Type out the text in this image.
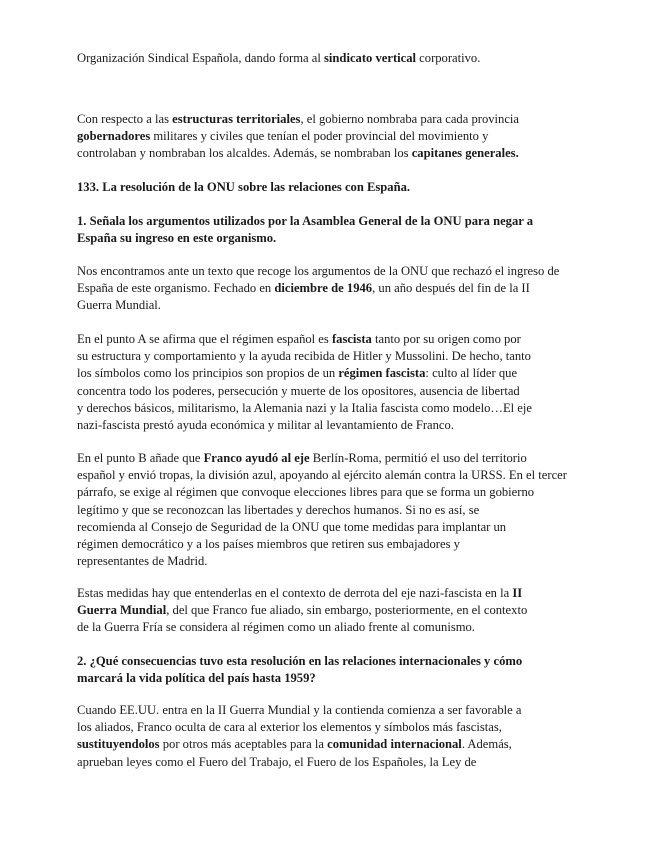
Organización Sindical Española, dando forma al sindicato vertical corporativo.
Con respecto a las estructuras territoriales, el gobierno nombraba para cada provincia
gobernadores militares y civiles que tenían el poder provincial del movimiento y
controlaban y nombraban los alcaldes. Además, se nombraban los capitanes generales.
133. La resolución de la ONU sobre las relaciones con España.
1. Señala los argumentos utilizados por la Asamblea General de la ONU para negar a
España su ingreso en este organismo.
Nos encontramos ante un texto que recoge los argumentos de la ONU que rechazó el ingreso de
España de este organismo. Fechado en diciembre de 1946, un año después del fin de la II
Guerra Mundial.
En el punto A se afirma que el régimen español es fascista tanto por su origen como por
su estructura y comportamiento y la ayuda recibida de Hitler y Mussolini. De hecho, tanto
los símbolos como los principios son propios de un régimen fascista: culto al líder que
concentra todo los poderes, persecución y muerte de los opositores, ausencia de libertad
y derechos básicos, militarismo, la Alemania nazi y la Italia fascista como modelo…El eje
nazi-fascista prestó ayuda económica y militar al levantamiento de Franco.
En el punto B añade que Franco ayudó al eje Berlín-Roma, permitió el uso del territorio
español y envió tropas, la división azul, apoyando al ejército alemán contra la URSS. En el tercer
párrafo, se exige al régimen que convoque elecciones libres para que se forma un gobierno
legítimo y que se reconozcan las libertades y derechos humanos. Si no es así, se
recomienda al Consejo de Seguridad de la ONU que tome medidas para implantar un
régimen democrático y a los países miembros que retiren sus embajadores y
representantes de Madrid.
Estas medidas hay que entenderlas en el contexto de derrota del eje nazi-fascista en la II
Guerra Mundial, del que Franco fue aliado, sin embargo, posteriormente, en el contexto
de la Guerra Fría se considera al régimen como un aliado frente al comunismo.
2. ¿Qué consecuencias tuvo esta resolución en las relaciones internacionales y cómo
marcará la vida política del país hasta 1959?
Cuando EE.UU. entra en la II Guerra Mundial y la contienda comienza a ser favorable a
los aliados, Franco oculta de cara al exterior los elementos y símbolos más fascistas,
sustituyendolos por otros más aceptables para la comunidad internacional. Además,
aprueban leyes como el Fuero del Trabajo, el Fuero de los Españoles, la Ley de
